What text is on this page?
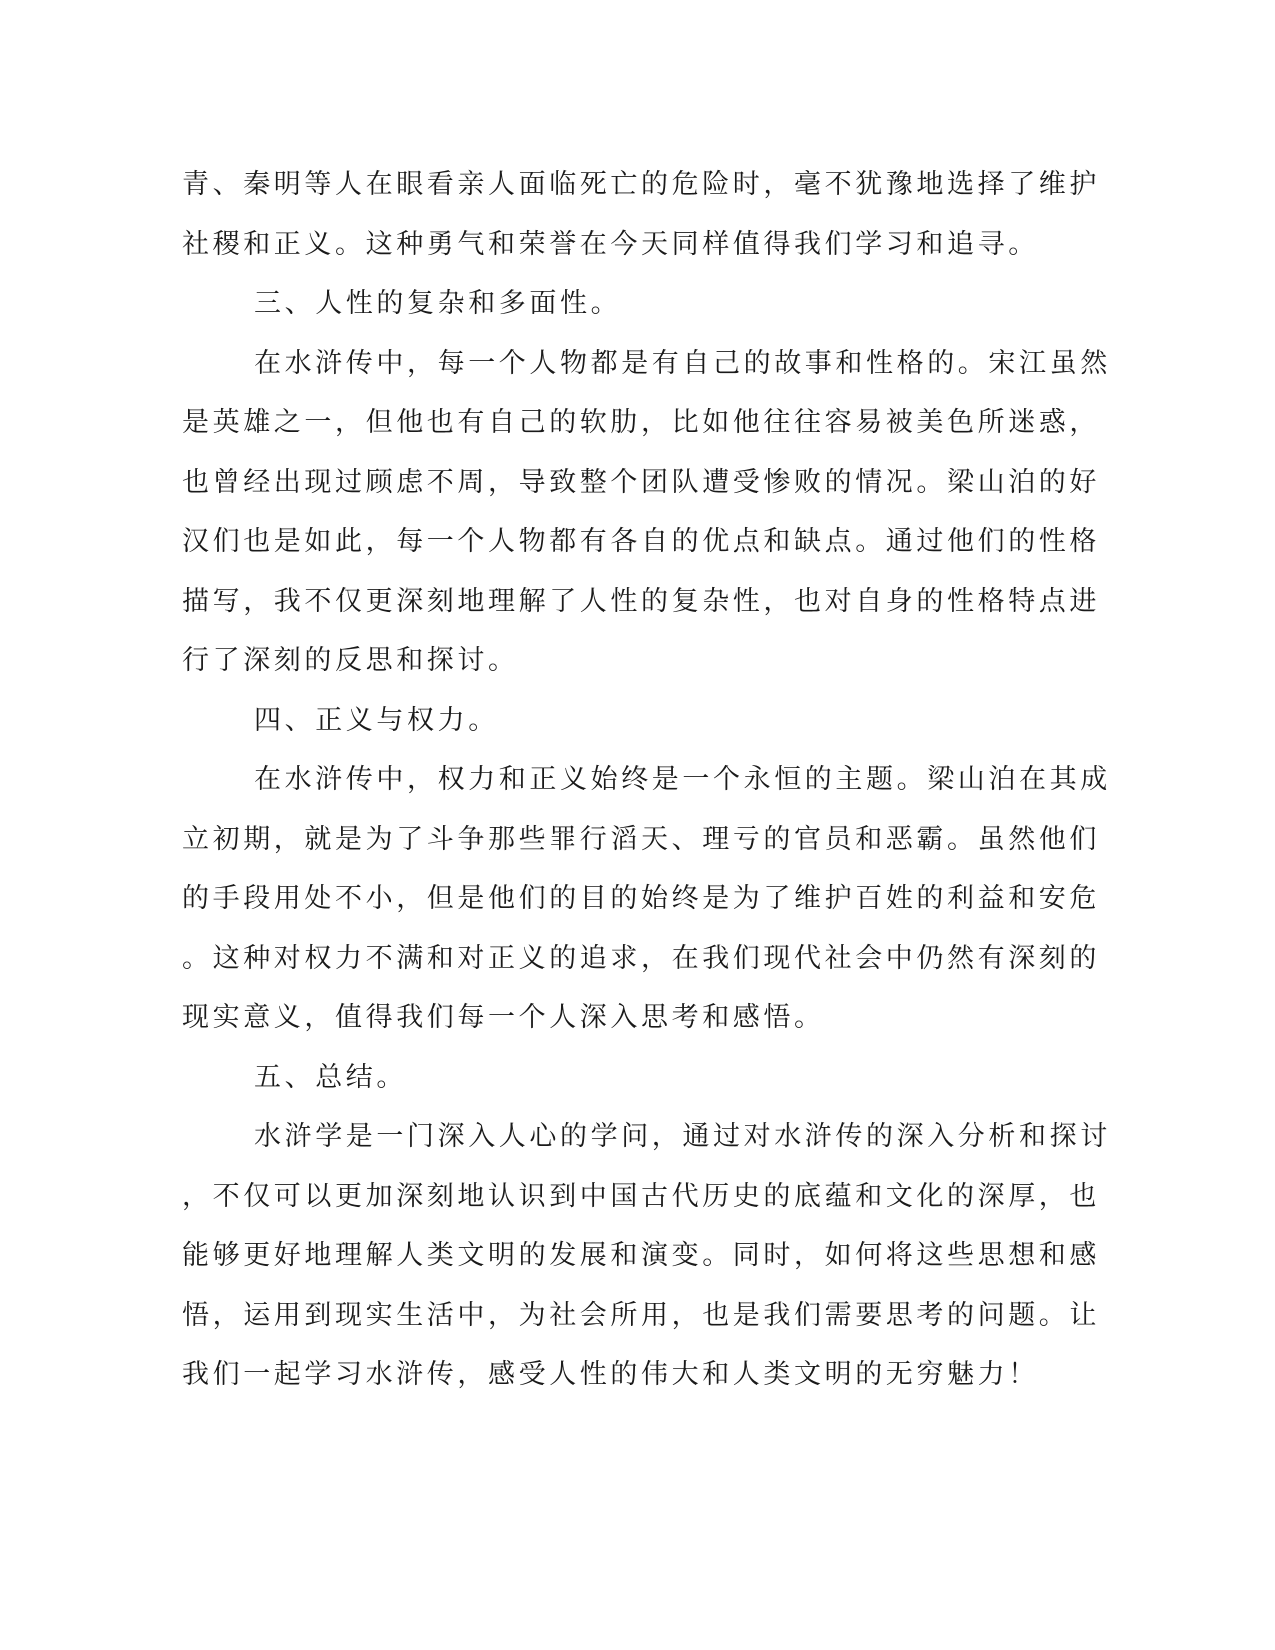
青、秦明等人在眼看亲人面临死亡的危险时，毫不犹豫地选择了维护
社稷和正义。这种勇气和荣誉在今天同样值得我们学习和追寻。
三、人性的复杂和多面性。
在水浒传中，每一个人物都是有自己的故事和性格的。宋江虽然
是英雄之一，但他也有自己的软肋，比如他往往容易被美色所迷惑，
也曾经出现过顾虑不周，导致整个团队遭受惨败的情况。梁山泊的好
汉们也是如此，每一个人物都有各自的优点和缺点。通过他们的性格
描写，我不仅更深刻地理解了人性的复杂性，也对自身的性格特点进
行了深刻的反思和探讨。
四、正义与权力。
在水浒传中，权力和正义始终是一个永恒的主题。梁山泊在其成
立初期，就是为了斗争那些罪行滔天、理亏的官员和恶霸。虽然他们
的手段用处不小，但是他们的目的始终是为了维护百姓的利益和安危
。这种对权力不满和对正义的追求，在我们现代社会中仍然有深刻的
现实意义，值得我们每一个人深入思考和感悟。
五、总结。
水浒学是一门深入人心的学问，通过对水浒传的深入分析和探讨
，不仅可以更加深刻地认识到中国古代历史的底蕴和文化的深厚，也
能够更好地理解人类文明的发展和演变。同时，如何将这些思想和感
悟，运用到现实生活中，为社会所用，也是我们需要思考的问题。让
我们一起学习水浒传，感受人性的伟大和人类文明的无穷魅力！
